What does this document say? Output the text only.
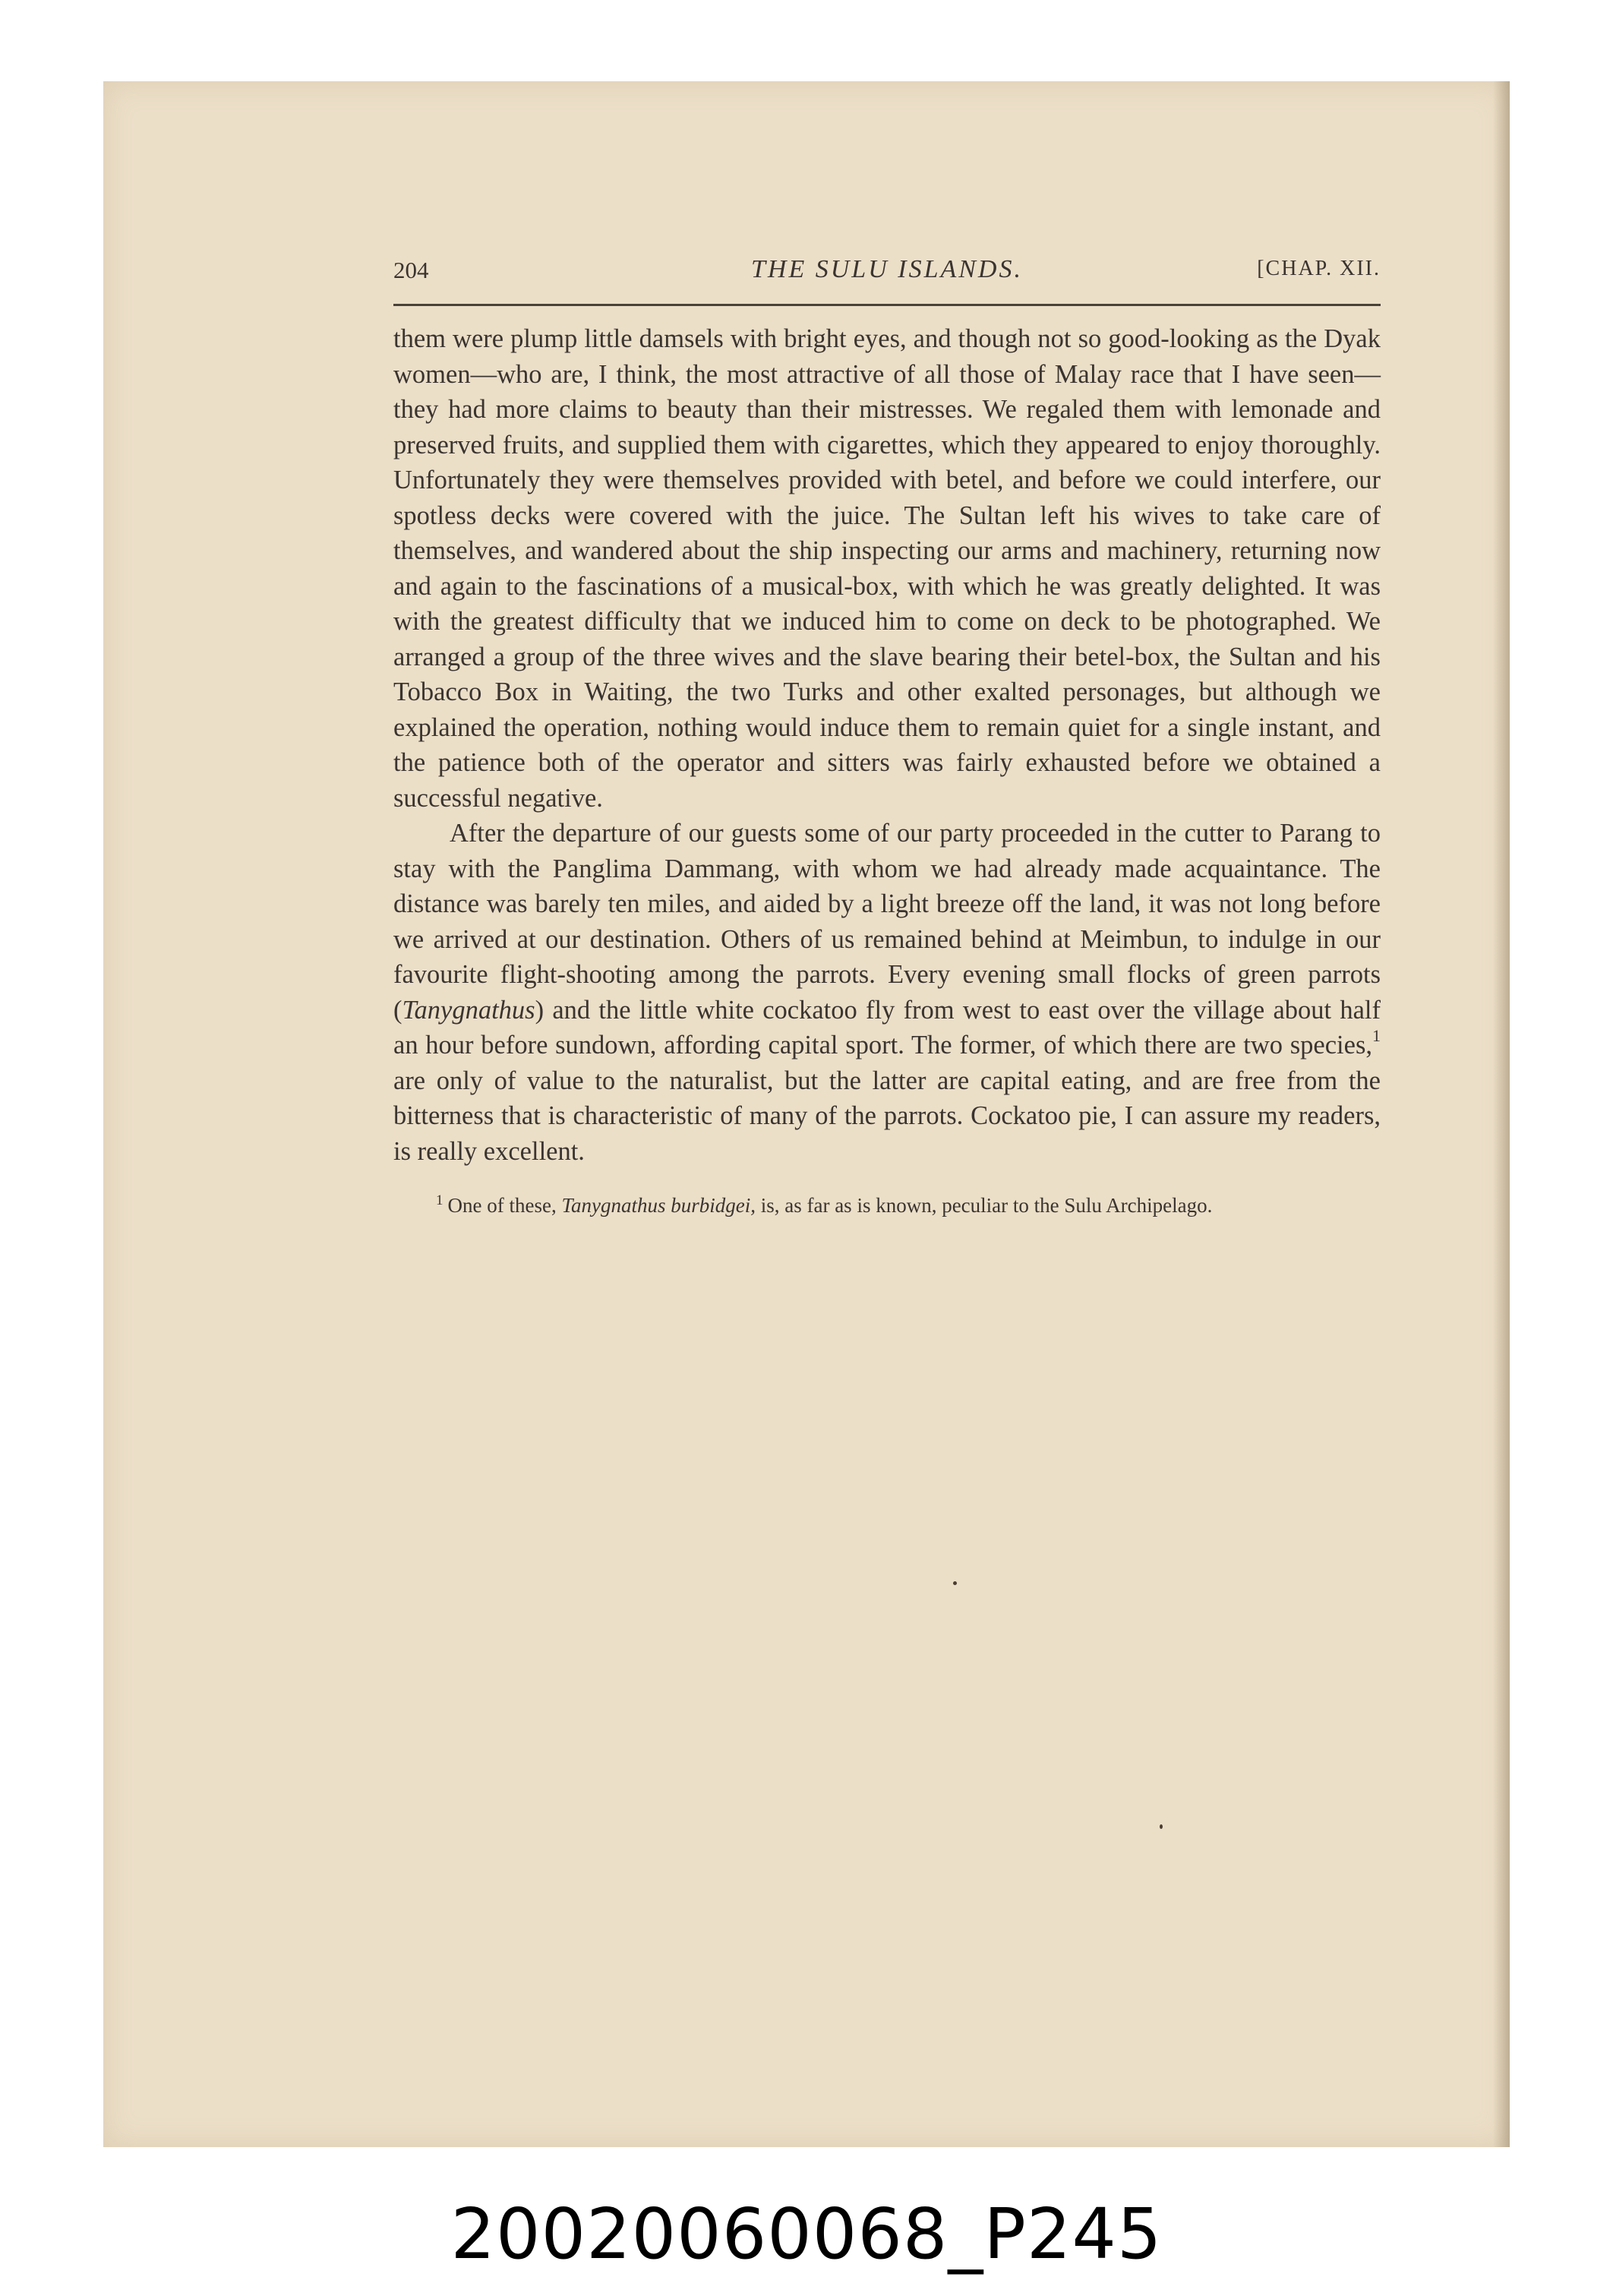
204	THE SULU ISLANDS.	[CHAP. XII.

them were plump little damsels with bright eyes, and though not so good-looking as the Dyak women—who are, I think, the most attractive of all those of Malay race that I have seen—they had more claims to beauty than their mistresses. We regaled them with lemonade and preserved fruits, and supplied them with cigarettes, which they appeared to enjoy thoroughly. Unfortunately they were themselves provided with betel, and before we could interfere, our spotless decks were covered with the juice. The Sultan left his wives to take care of themselves, and wandered about the ship inspecting our arms and machinery, returning now and again to the fascinations of a musical-box, with which he was greatly delighted. It was with the greatest difficulty that we induced him to come on deck to be photographed. We arranged a group of the three wives and the slave bearing their betel-box, the Sultan and his Tobacco Box in Waiting, the two Turks and other exalted personages, but although we explained the operation, nothing would induce them to remain quiet for a single instant, and the patience both of the operator and sitters was fairly exhausted before we obtained a successful negative.

After the departure of our guests some of our party proceeded in the cutter to Parang to stay with the Panglima Dammang, with whom we had already made acquaintance. The distance was barely ten miles, and aided by a light breeze off the land, it was not long before we arrived at our destination. Others of us remained behind at Meimbun, to indulge in our favourite flight-shooting among the parrots. Every evening small flocks of green parrots (Tanygnathus) and the little white cockatoo fly from west to east over the village about half an hour before sundown, affording capital sport. The former, of which there are two species,$^1$ are only of value to the naturalist, but the latter are capital eating, and are free from the bitterness that is characteristic of many of the parrots. Cockatoo pie, I can assure my readers, is really excellent.

$^1$ One of these, Tanygnathus burbidgei, is, as far as is known, peculiar to the Sulu Archipelago.
20020060068_P245
